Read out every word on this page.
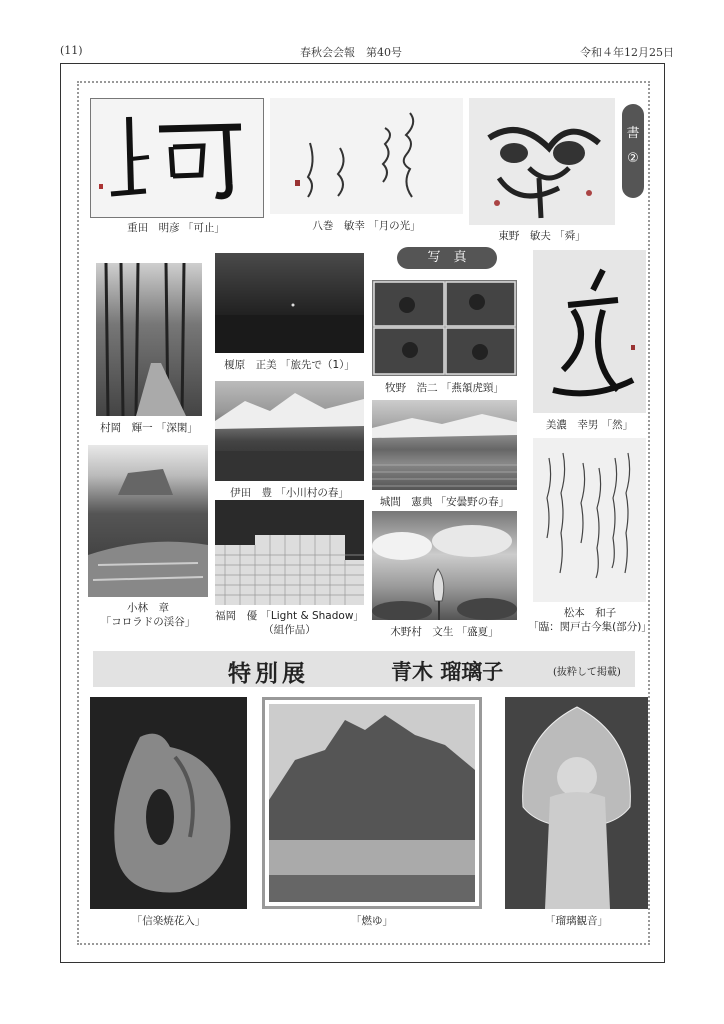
(11)	春秋会会報　第40号	令和４年12月25日
重田　明彦 「可止」	八巻　敏幸 「月の光」
東野　敏夫 「舜」
書
②
写　真
村岡　輝一 「深閑」
小林　章
「コロラドの渓谷」
榎原　正美 「旅先で（1）」
伊田　豊 「小川村の春」
福岡　優 「Light & Shadow」
（組作品）
牧野　浩二 「燕頷虎頸」
城間　憲典 「安曇野の春」
木野村　文生 「盛夏」
美濃　幸男 「然」
松本　和子
「臨：関戸古今集(部分)」
特別展	青木 瑠璃子	(抜粋して掲載)
「信楽焼花入」	「燃ゆ」	「瑠璃観音」
